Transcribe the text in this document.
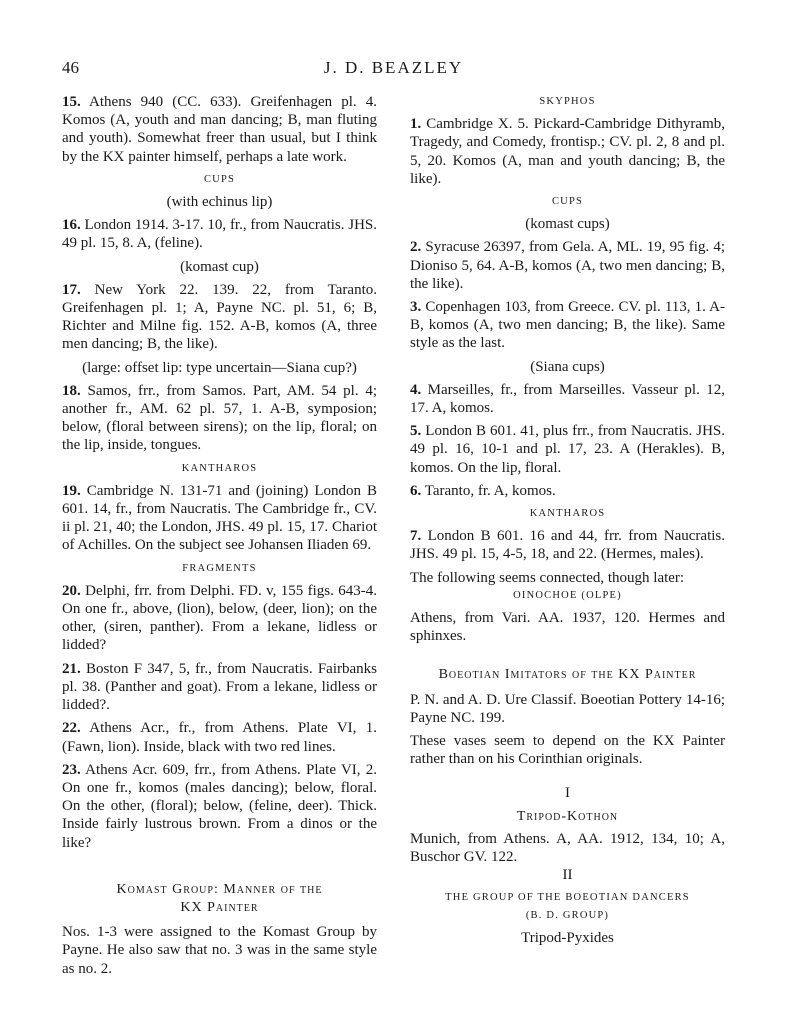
46	J. D. BEAZLEY

15. Athens 940 (CC. 633). Greifenhagen pl. 4. Komos (A, youth and man dancing; B, man fluting and youth). Somewhat freer than usual, but I think by the KX painter himself, perhaps a late work.

CUPS
(with echinus lip)

16. London 1914. 3-17. 10, fr., from Naucratis. JHS. 49 pl. 15, 8. A, (feline).

(komast cup)

17. New York 22. 139. 22, from Taranto. Greifenhagen pl. 1; A, Payne NC. pl. 51, 6; B, Richter and Milne fig. 152. A-B, komos (A, three men dancing; B, the like).

(large: offset lip: type uncertain—Siana cup?)

18. Samos, frr., from Samos. Part, AM. 54 pl. 4; another fr., AM. 62 pl. 57, 1. A-B, symposion; below, (floral between sirens); on the lip, floral; on the lip, inside, tongues.

KANTHAROS

19. Cambridge N. 131-71 and (joining) London B 601. 14, fr., from Naucratis. The Cambridge fr., CV. ii pl. 21, 40; the London, JHS. 49 pl. 15, 17. Chariot of Achilles. On the subject see Johansen Iliaden 69.

FRAGMENTS

20. Delphi, frr. from Delphi. FD. v, 155 figs. 643-4. On one fr., above, (lion), below, (deer, lion); on the other, (siren, panther). From a lekane, lidless or lidded?

21. Boston F 347, 5, fr., from Naucratis. Fairbanks pl. 38. (Panther and goat). From a lekane, lidless or lidded?.

22. Athens Acr., fr., from Athens. Plate VI, 1. (Fawn, lion). Inside, black with two red lines.

23. Athens Acr. 609, frr., from Athens. Plate VI, 2. On one fr., komos (males dancing); below, floral. On the other, (floral); below, (feline, deer). Thick. Inside fairly lustrous brown. From a dinos or the like?

Komast Group: Manner of the
KX Painter

Nos. 1-3 were assigned to the Komast Group by Payne. He also saw that no. 3 was in the same style as no. 2.

SKYPHOS

1. Cambridge X. 5. Pickard-Cambridge Dithyramb, Tragedy, and Comedy, frontisp.; CV. pl. 2, 8 and pl. 5, 20. Komos (A, man and youth dancing; B, the like).

CUPS
(komast cups)

2. Syracuse 26397, from Gela. A, ML. 19, 95 fig. 4; Dioniso 5, 64. A-B, komos (A, two men dancing; B, the like).

3. Copenhagen 103, from Greece. CV. pl. 113, 1. A-B, komos (A, two men dancing; B, the like). Same style as the last.

(Siana cups)

4. Marseilles, fr., from Marseilles. Vasseur pl. 12, 17. A, komos.

5. London B 601. 41, plus frr., from Naucratis. JHS. 49 pl. 16, 10-1 and pl. 17, 23. A (Herakles). B, komos. On the lip, floral.

6. Taranto, fr. A, komos.

KANTHAROS

7. London B 601. 16 and 44, frr. from Naucratis. JHS. 49 pl. 15, 4-5, 18, and 22. (Hermes, males).

The following seems connected, though later:

OINOCHOE (OLPE)

Athens, from Vari. AA. 1937, 120. Hermes and sphinxes.

Boeotian Imitators of the KX Painter

P. N. and A. D. Ure Classif. Boeotian Pottery 14-16; Payne NC. 199.

These vases seem to depend on the KX Painter rather than on his Corinthian originals.

I
Tripod-Kothon

Munich, from Athens. A, AA. 1912, 134, 10; A, Buschor GV. 122.

II
THE GROUP OF THE BOEOTIAN DANCERS
(B. D. GROUP)
Tripod-Pyxides
